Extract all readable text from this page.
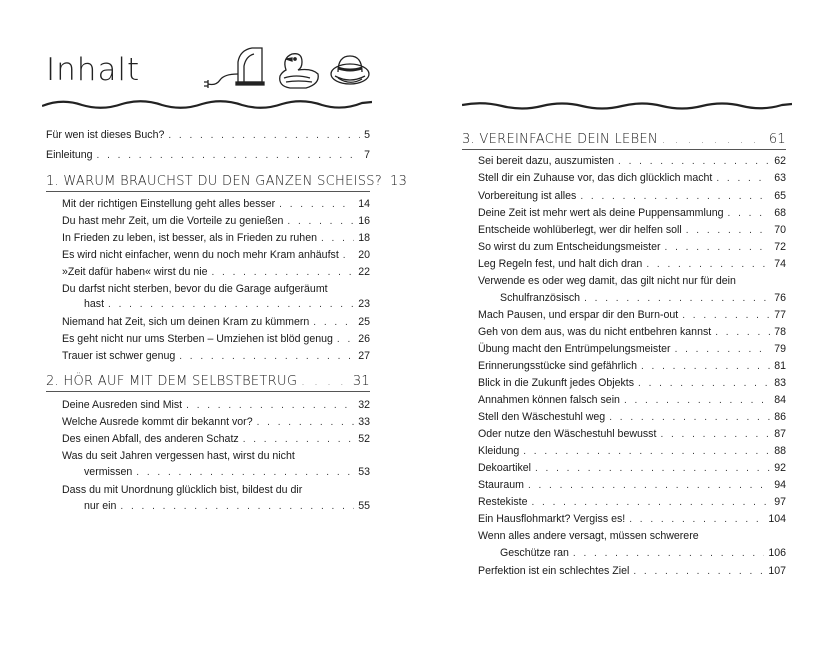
Inhalt
Für wen ist dieses Buch? . . .	5
Einleitung . . .	7
1. WARUM BRAUCHST DU DEN GANZEN SCHEISS? 13
Mit der richtigen Einstellung geht alles besser . . .	14
Du hast mehr Zeit, um die Vorteile zu genießen . . .	16
In Frieden zu leben, ist besser, als in Frieden zu ruhen . . .	18
Es wird nicht einfacher, wenn du noch mehr Kram anhäufst . . . 20
»Zeit dafür haben« wirst du nie . . .	22
Du darfst nicht sterben, bevor du die Garage aufgeräumt
hast . . .	23
Niemand hat Zeit, sich um deinen Kram zu kümmern . . .	25
Es geht nicht nur ums Sterben – Umziehen ist blöd genug . . . 26
Trauer ist schwer genug . . .	27
2. HÖR AUF MIT DEM SELBSTBETRUG . . .	31
Deine Ausreden sind Mist . . .	32
Welche Ausrede kommt dir bekannt vor? . . .	33
Des einen Abfall, des anderen Schatz . . .	52
Was du seit Jahren vergessen hast, wirst du nicht
vermissen . . .	53
Dass du mit Unordnung glücklich bist, bildest du dir
nur ein . . .	55
3. VEREINFACHE DEIN LEBEN . . .	61
Sei bereit dazu, auszumisten . . .	62
Stell dir ein Zuhause vor, das dich glücklich macht . . .	63
Vorbereitung ist alles . . .	65
Deine Zeit ist mehr wert als deine Puppensammlung . . .	68
Entscheide wohlüberlegt, wer dir helfen soll . . .	70
So wirst du zum Entscheidungsmeister . . .	72
Leg Regeln fest, und halt dich dran . . .	74
Verwende es oder weg damit, das gilt nicht nur für dein
Schulfranzösisch . . .	76
Mach Pausen, und erspar dir den Burn-out . . .	77
Geh von dem aus, was du nicht entbehren kannst . . .	78
Übung macht den Entrümpelungsmeister . . .	79
Erinnerungsstücke sind gefährlich . . .	81
Blick in die Zukunft jedes Objekts . . .	83
Annahmen können falsch sein . . .	84
Stell den Wäschestuhl weg . . .	86
Oder nutze den Wäschestuhl bewusst . . .	87
Kleidung . . .	88
Dekoartikel . . .	92
Stauraum . . .	94
Restekiste . . .	97
Ein Hausflohmarkt? Vergiss es! . . .	104
Wenn alles andere versagt, müssen schwerere
Geschütze ran . . .	106
Perfektion ist ein schlechtes Ziel . . .	107
